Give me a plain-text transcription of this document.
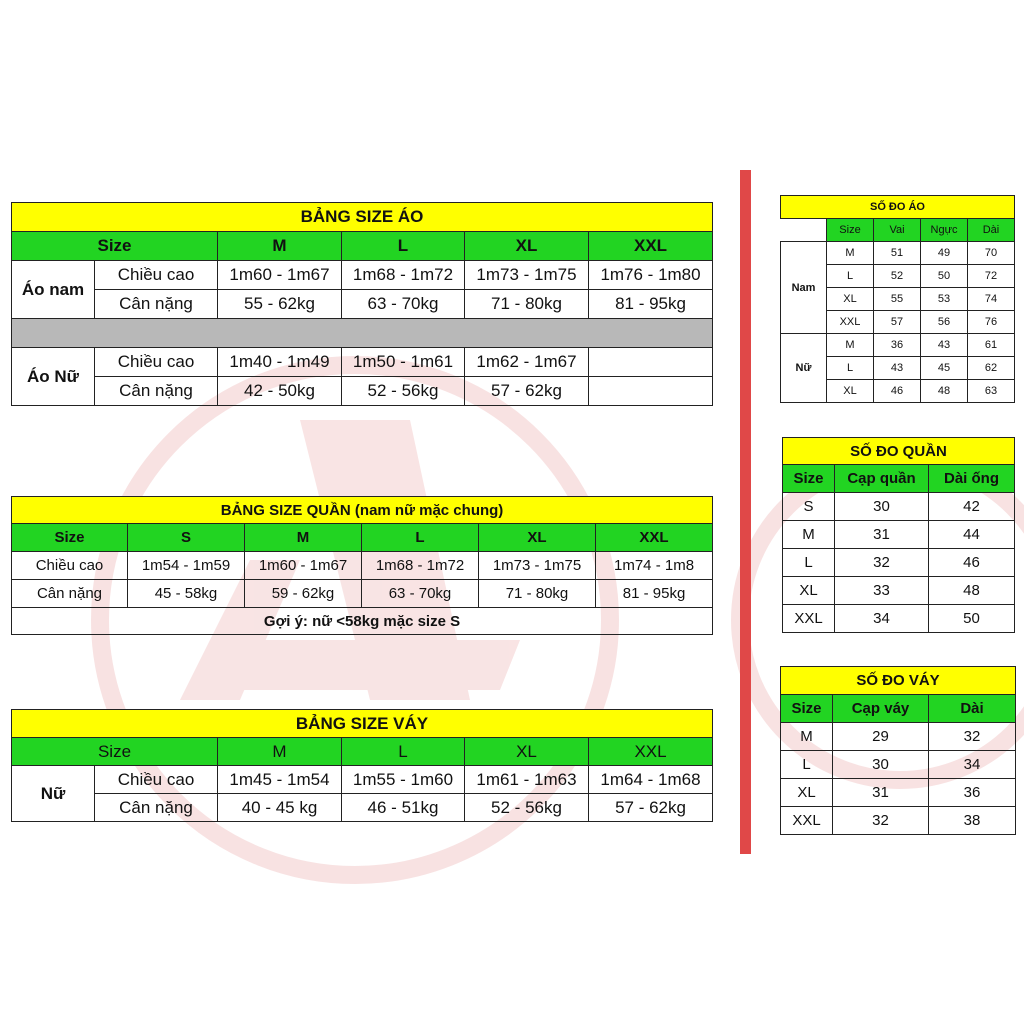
BẢNG SIZE ÁO					
Size		M	L	XL	XXL
Áo nam	Chiều cao	1m60 - 1m67	1m68 - 1m72	1m73 - 1m75	1m76 - 1m80
	Cân nặng	55 - 62kg	63 - 70kg	71 - 80kg	81 - 95kg

Áo Nữ	Chiều cao	1m40 - 1m49	1m50 - 1m61	1m62 - 1m67	
	Cân nặng	42 - 50kg	52 - 56kg	57 - 62kg	
BẢNG SIZE QUẦN (nam nữ mặc chung)					
Size	S	M	L	XL	XXL
Chiều cao	1m54 - 1m59	1m60 - 1m67	1m68 - 1m72	1m73 - 1m75	1m74 - 1m8
Cân nặng	45 - 58kg	59 - 62kg	63 - 70kg	71 - 80kg	81 - 95kg
Gợi ý: nữ <58kg mặc size S					
BẢNG SIZE VÁY					
Size		M	L	XL	XXL
Nữ	Chiều cao	1m45 - 1m54	1m55 - 1m60	1m61 - 1m63	1m64 - 1m68
	Cân nặng	40 - 45 kg	46 - 51kg	52 - 56kg	57 - 62kg
SỐ ĐO ÁO				
	Size	Vai	Ngực	Dài
Nam	M	51	49	70
	L	52	50	72
	XL	55	53	74
	XXL	57	56	76
Nữ	M	36	43	61
	L	43	45	62
	XL	46	48	63
SỐ ĐO QUẦN		
Size	Cạp quần	Dài ống
S	30	42
M	31	44
L	32	46
XL	33	48
XXL	34	50
SỐ ĐO VÁY		
Size	Cạp váy	Dài
M	29	32
L	30	34
XL	31	36
XXL	32	38
